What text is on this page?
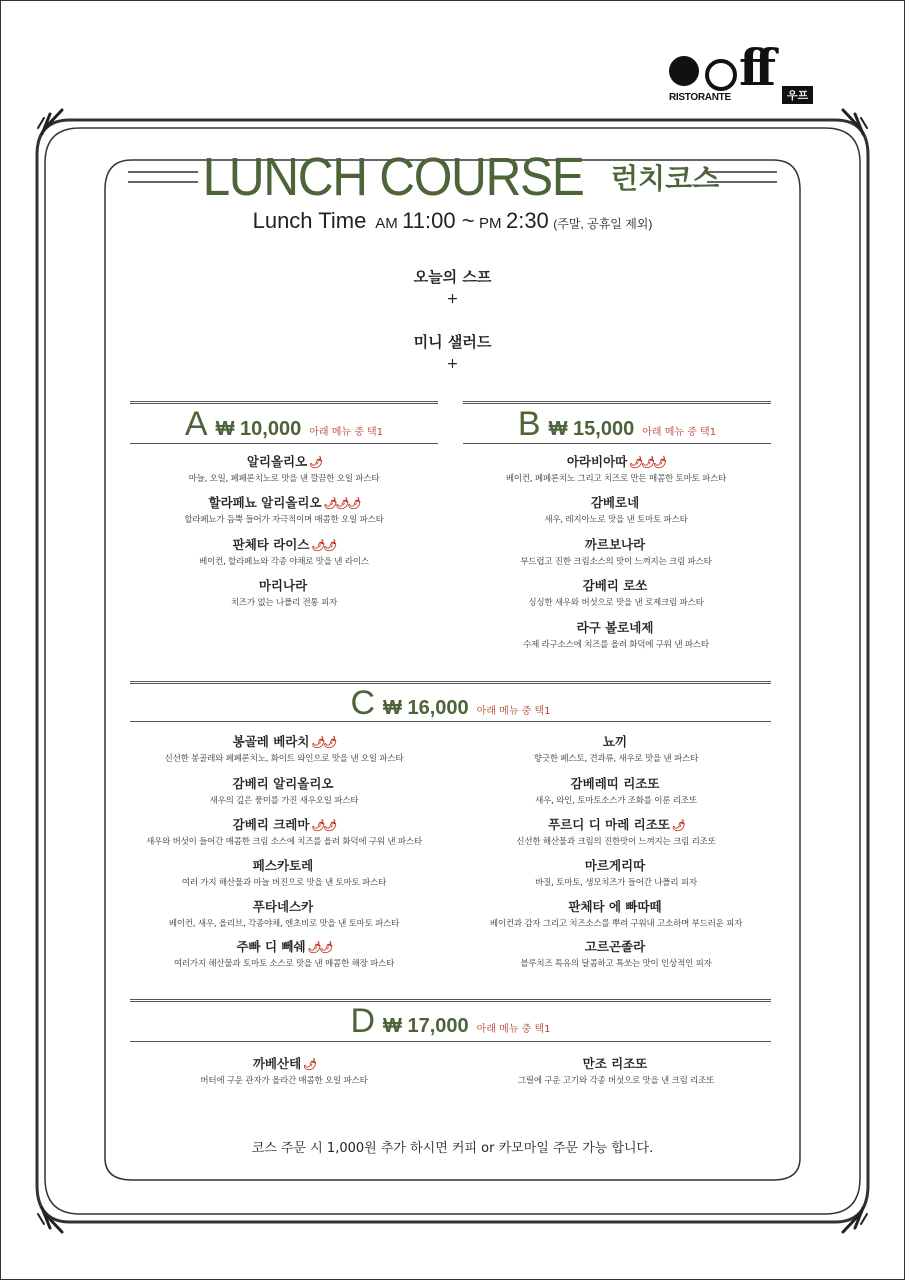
ff
RISTORANTE	우프
LUNCH COURSE 런치코스
Lunch Time AM 11:00 ~ PM 2:30 (주말, 공휴일 제외)
오늘의 스프
+
미니 샐러드
+
A ₩ 10,000 아래 메뉴 중 택1
알리올리오 🌶
마늘, 오일, 페페론치노로 맛을 낸 깔끔한 오일 파스타
할라페뇨 알리올리오 🌶🌶🌶
할라페뇨가 듬뿍 들어가 자극적이며 매콤한 오일 파스타
판체타 라이스 🌶🌶
베이컨, 할라페뇨와 각종 야채로 맛을 낸 라이스
마리나라
치즈가 없는 나폴리 전통 피자
B ₩ 15,000 아래 메뉴 중 택1
아라비아따 🌶🌶🌶
베이컨, 페페론치노 그리고 치즈로 만든 매콤한 토마토 파스타
감베로네
새우, 레지아노로 맛을 낸 토마토 파스타
까르보나라
부드럽고 진한 크림소스의 맛이 느껴지는 크림 파스타
감베리 로쏘
싱싱한 새우와 버섯으로 맛을 낸 로제크림 파스타
라구 볼로네제
수제 라구소스에 치즈를 올려 화덕에 구워 낸 파스타
C ₩ 16,000 아래 메뉴 중 택1
봉골레 베라치 🌶🌶
신선한 봉골레와 페페론치노, 화이트 와인으로 맛을 낸 오일 파스타
감베리 알리올리오
새우의 깊은 풍미를 가진 새우오일 파스타
감베리 크레마 🌶🌶
새우와 버섯이 들어간 매콤한 크림 소스에 치즈를 올려 화덕에 구워 낸 파스타
페스카토레
여러 가지 해산물과 마늘 버진으로 맛을 낸 토마토 파스타
푸타네스카
베이컨, 새우, 올리브, 각종야채, 엔초비로 맛을 낸 토마토 파스타
주빠 디 뻬쉐 🌶🌶
여러가지 해산물과 토마토 소스로 맛을 낸 매콤한 해장 파스타
뇨끼
향긋한 페스토, 견과류, 새우로 맛을 낸 파스타
감베레띠 리조또
새우, 와인, 토마토소스가 조화를 이룬 리조또
푸르디 디 마레 리조또 🌶
신선한 해산물과 크림의 진한맛이 느껴지는 크림 리조또
마르게리따
바질, 토마토, 생모치즈가 들어간 나폴리 피자
판체타 에 빠따떼
베이컨과 감자 그리고 치즈소스를 뿌려 구워내 고소하며 부드러운 피자
고르곤졸라
블루치즈 특유의 달콤하고 톡쏘는 맛이 인상적인 피자
D ₩ 17,000 아래 메뉴 중 택1
까베산테 🌶
버터에 구운 관자가 올라간 매콤한 오일 파스타
만조 리조또
그릴에 구운 고기와 각종 버섯으로 맛을 낸 크림 리조또
코스 주문 시 1,000원 추가 하시면 커피 or 카모마일 주문 가능 합니다.
